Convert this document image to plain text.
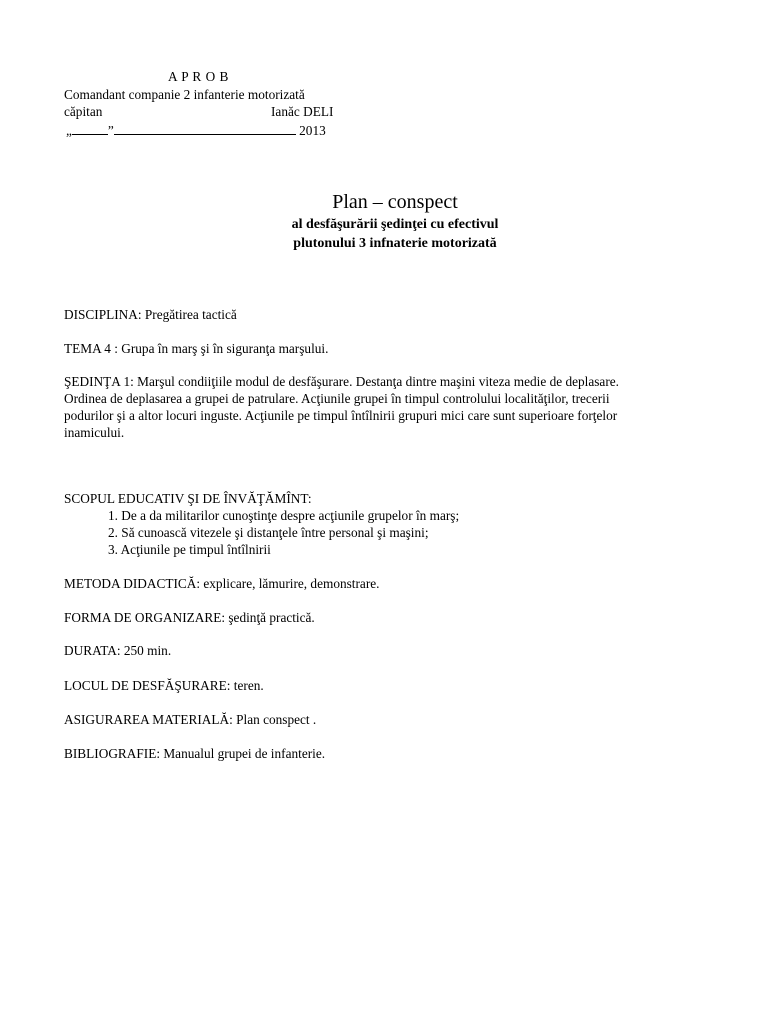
A P R O B
Comandant companie 2 infanterie motorizată
căpitan	Ianăc DELI
„	”	2013
Plan – conspect
al desfăşurării şedinţei cu efectivul
plutonului 3 infnaterie motorizată
DISCIPLINA: Pregătirea tactică
TEMA 4 : Grupa în marş şi în siguranţa marşului.

ŞEDINŢA 1: Marşul condiiţiile modul de desfăşurare. Destanţa dintre maşini viteza medie de deplasare.

Ordinea de deplasarea a grupei de patrulare. Acţiunile grupei în timpul controlului localităţilor, trecerii

podurilor şi a altor locuri inguste. Acţiunile pe timpul întîlnirii grupuri mici care sunt superioare forţelor

inamicului.

SCOPUL EDUCATIV ŞI DE ÎNVĂŢĂMÎNT:
1. De a da militarilor cunoştinţe despre acţiunile grupelor în marş;
2. Să cunoască vitezele şi distanţele între personal şi maşini;
3. Acţiunile pe timpul întîlnirii
METODA DIDACTICĂ: explicare, lămurire, demonstrare.
FORMA DE ORGANIZARE: şedinţă practică.
DURATA: 250 min.
LOCUL DE DESFĂŞURARE: teren.
ASIGURAREA MATERIALĂ: Plan conspect .
BIBLIOGRAFIE: Manualul grupei de infanterie.
